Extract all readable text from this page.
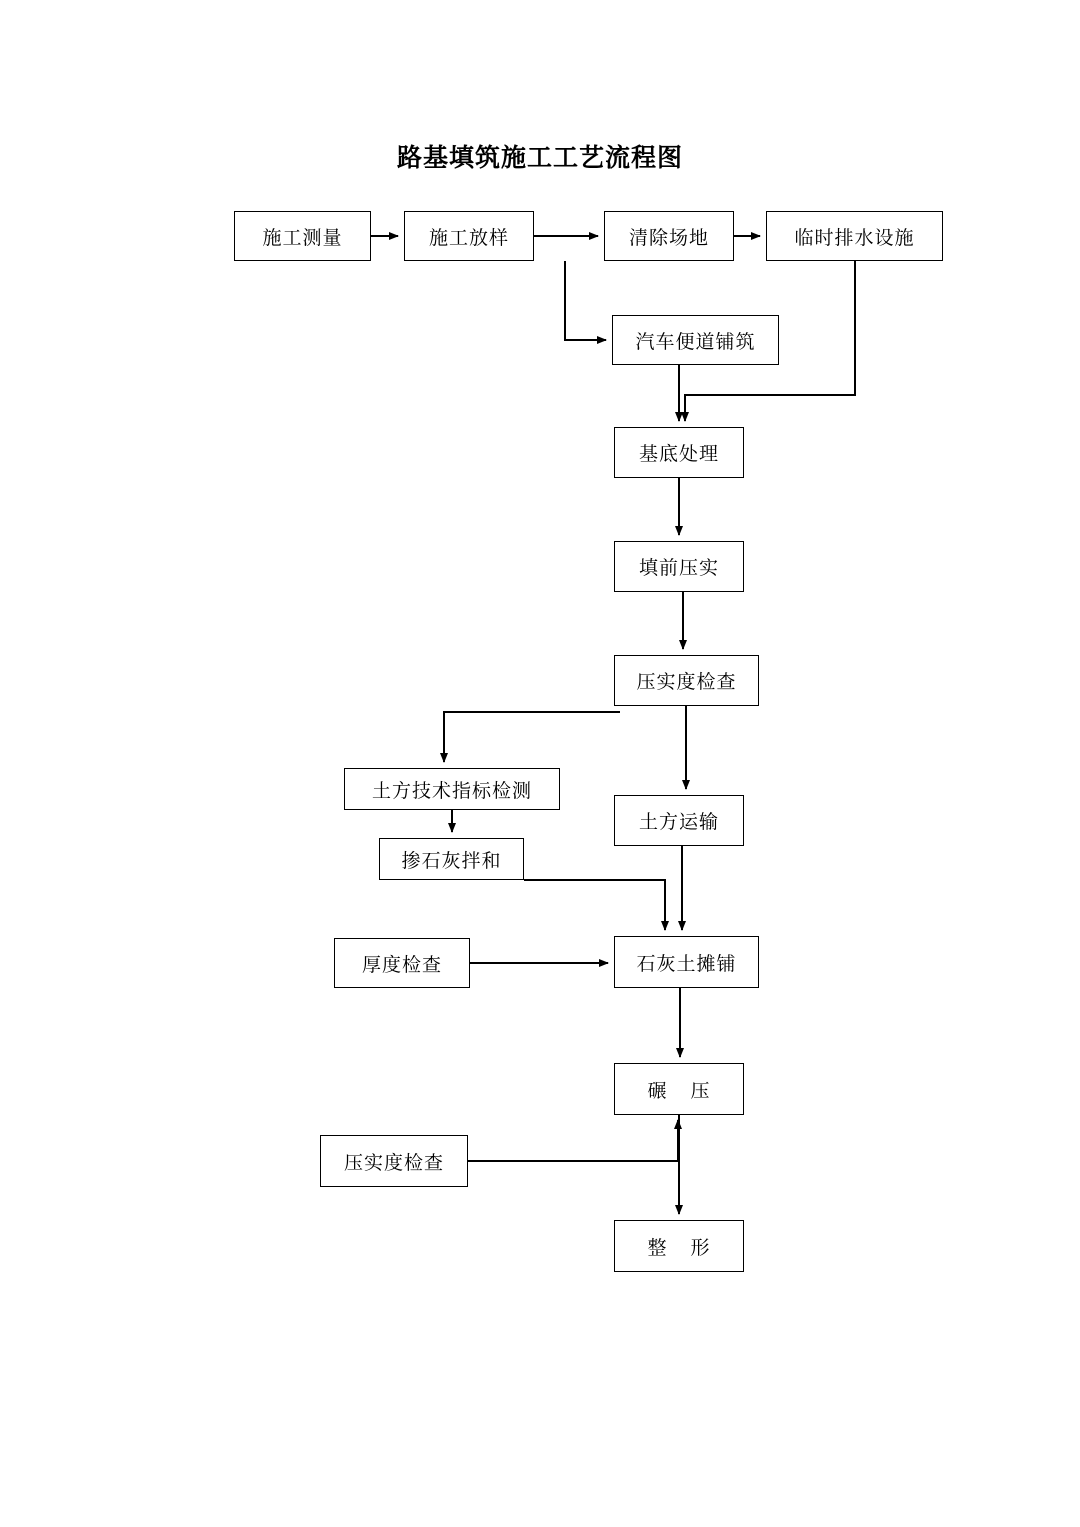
路基填筑施工工艺流程图
施工测量	施工放样	清除场地	临时排水设施
汽车便道铺筑
基底处理
填前压实
压实度检查
土方技术指标检测
土方运输
掺石灰拌和
厚度检查	石灰土摊铺
碾    压
压实度检查
整    形
